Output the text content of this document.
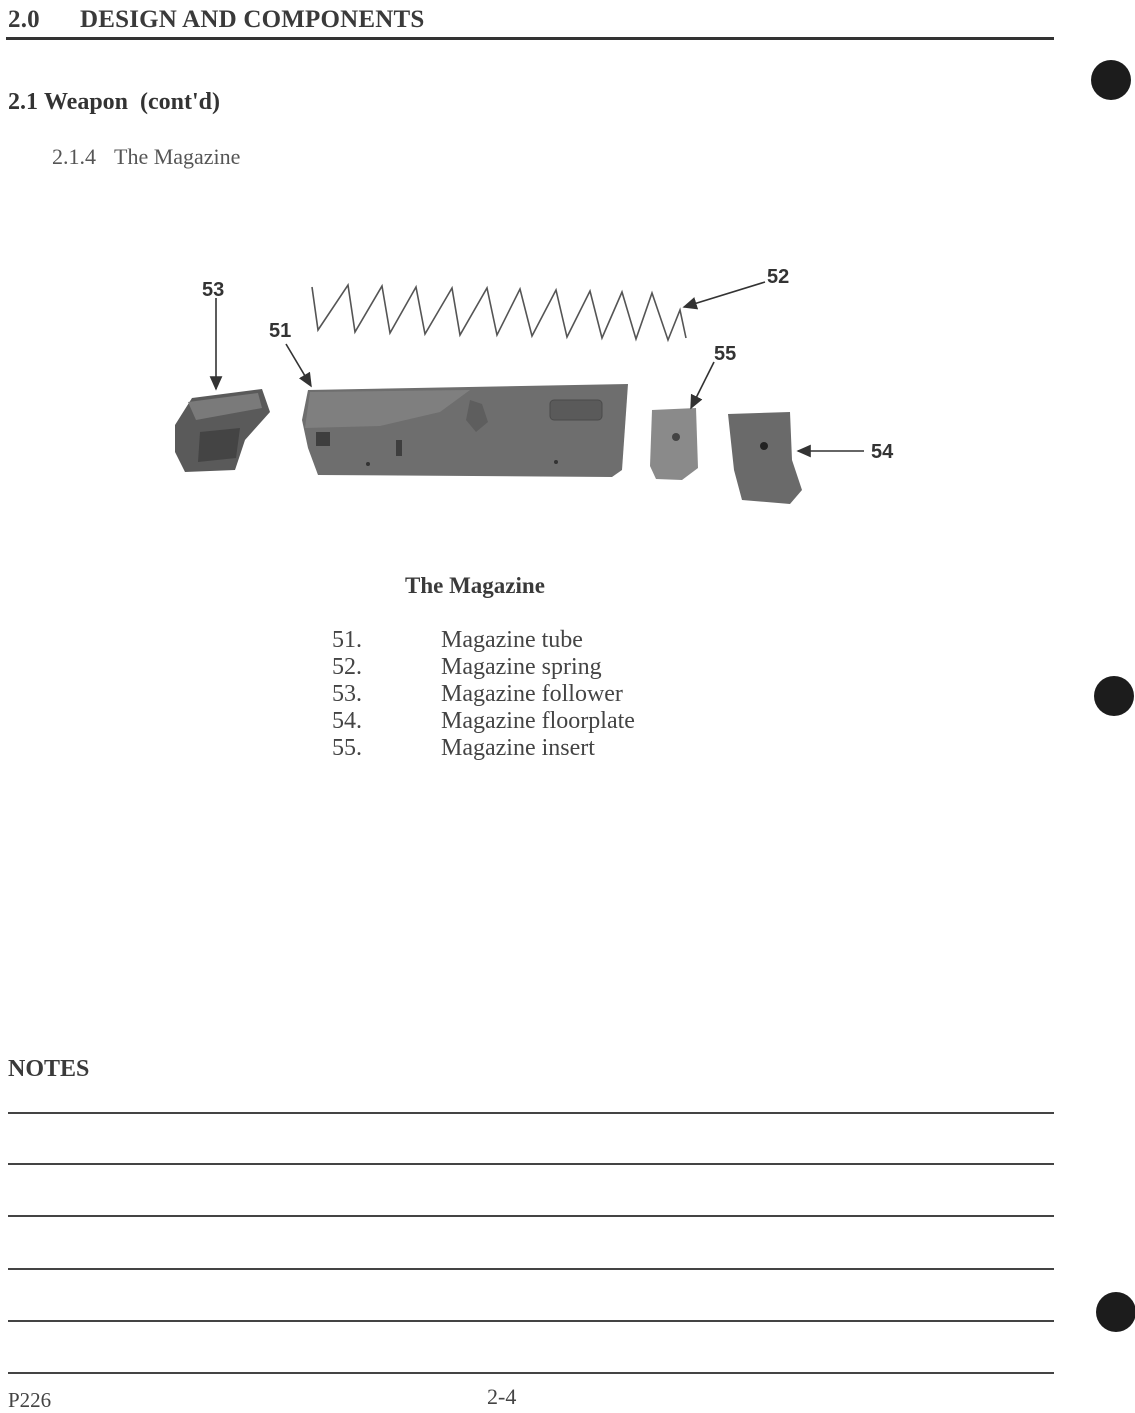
2.0 DESIGN AND COMPONENTS
2.1 Weapon  (cont'd)
2.1.4 The Magazine
53
51
52
55
54
The Magazine
51.	Magazine tube
52.	Magazine spring
53.	Magazine follower
54.	Magazine floorplate
55.	Magazine insert
NOTES
P226	2-4
